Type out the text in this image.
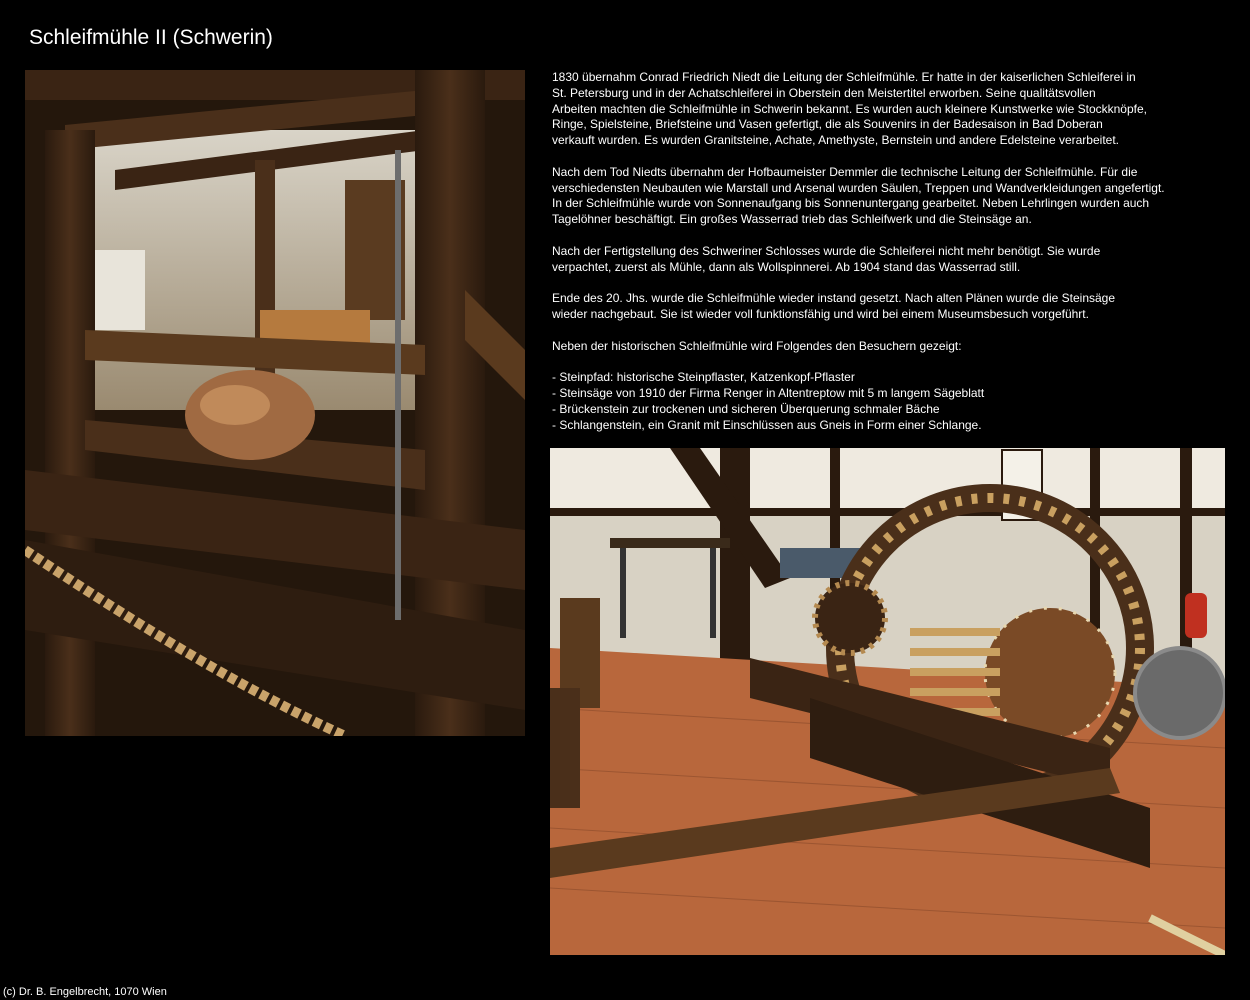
Schleifmühle II (Schwerin)

1830 übernahm Conrad Friedrich Niedt die Leitung der Schleifmühle. Er hatte in der kaiserlichen Schleiferei in
St. Petersburg und in der Achatschleiferei in Oberstein den Meistertitel erworben. Seine qualitätsvollen
Arbeiten machten die Schleifmühle in Schwerin bekannt. Es wurden auch kleinere Kunstwerke wie Stockknöpfe,
Ringe, Spielsteine, Briefsteine und Vasen gefertigt, die als Souvenirs in der Badesaison in Bad Doberan
verkauft wurden. Es wurden Granitsteine, Achate, Amethyste, Bernstein und andere Edelsteine verarbeitet.

Nach dem Tod Niedts übernahm der Hofbaumeister Demmler die technische Leitung der Schleifmühle. Für die
verschiedensten Neubauten wie Marstall und Arsenal wurden Säulen, Treppen und Wandverkleidungen angefertigt.
In der Schleifmühle wurde von Sonnenaufgang bis Sonnenuntergang gearbeitet. Neben Lehrlingen wurden auch
Tagelöhner beschäftigt. Ein großes Wasserrad trieb das Schleifwerk und die Steinsäge an.

Nach der Fertigstellung des Schweriner Schlosses wurde die Schleiferei nicht mehr benötigt. Sie wurde
verpachtet, zuerst als Mühle, dann als Wollspinnerei. Ab 1904 stand das Wasserrad still.

Ende des 20. Jhs. wurde die Schleifmühle wieder instand gesetzt. Nach alten Plänen wurde die Steinsäge
wieder nachgebaut. Sie ist wieder voll funktionsfähig und wird bei einem Museumsbesuch vorgeführt.

Neben der historischen Schleifmühle wird Folgendes den Besuchern gezeigt:

- Steinpfad: historische Steinpflaster, Katzenkopf-Pflaster
- Steinsäge von 1910 der Firma Renger in Altentreptow mit 5 m langem Sägeblatt
- Brückenstein zur trockenen und sicheren Überquerung schmaler Bäche
- Schlangenstein, ein Granit mit Einschlüssen aus Gneis in Form einer Schlange.
(c) Dr. B. Engelbrecht, 1070 Wien
